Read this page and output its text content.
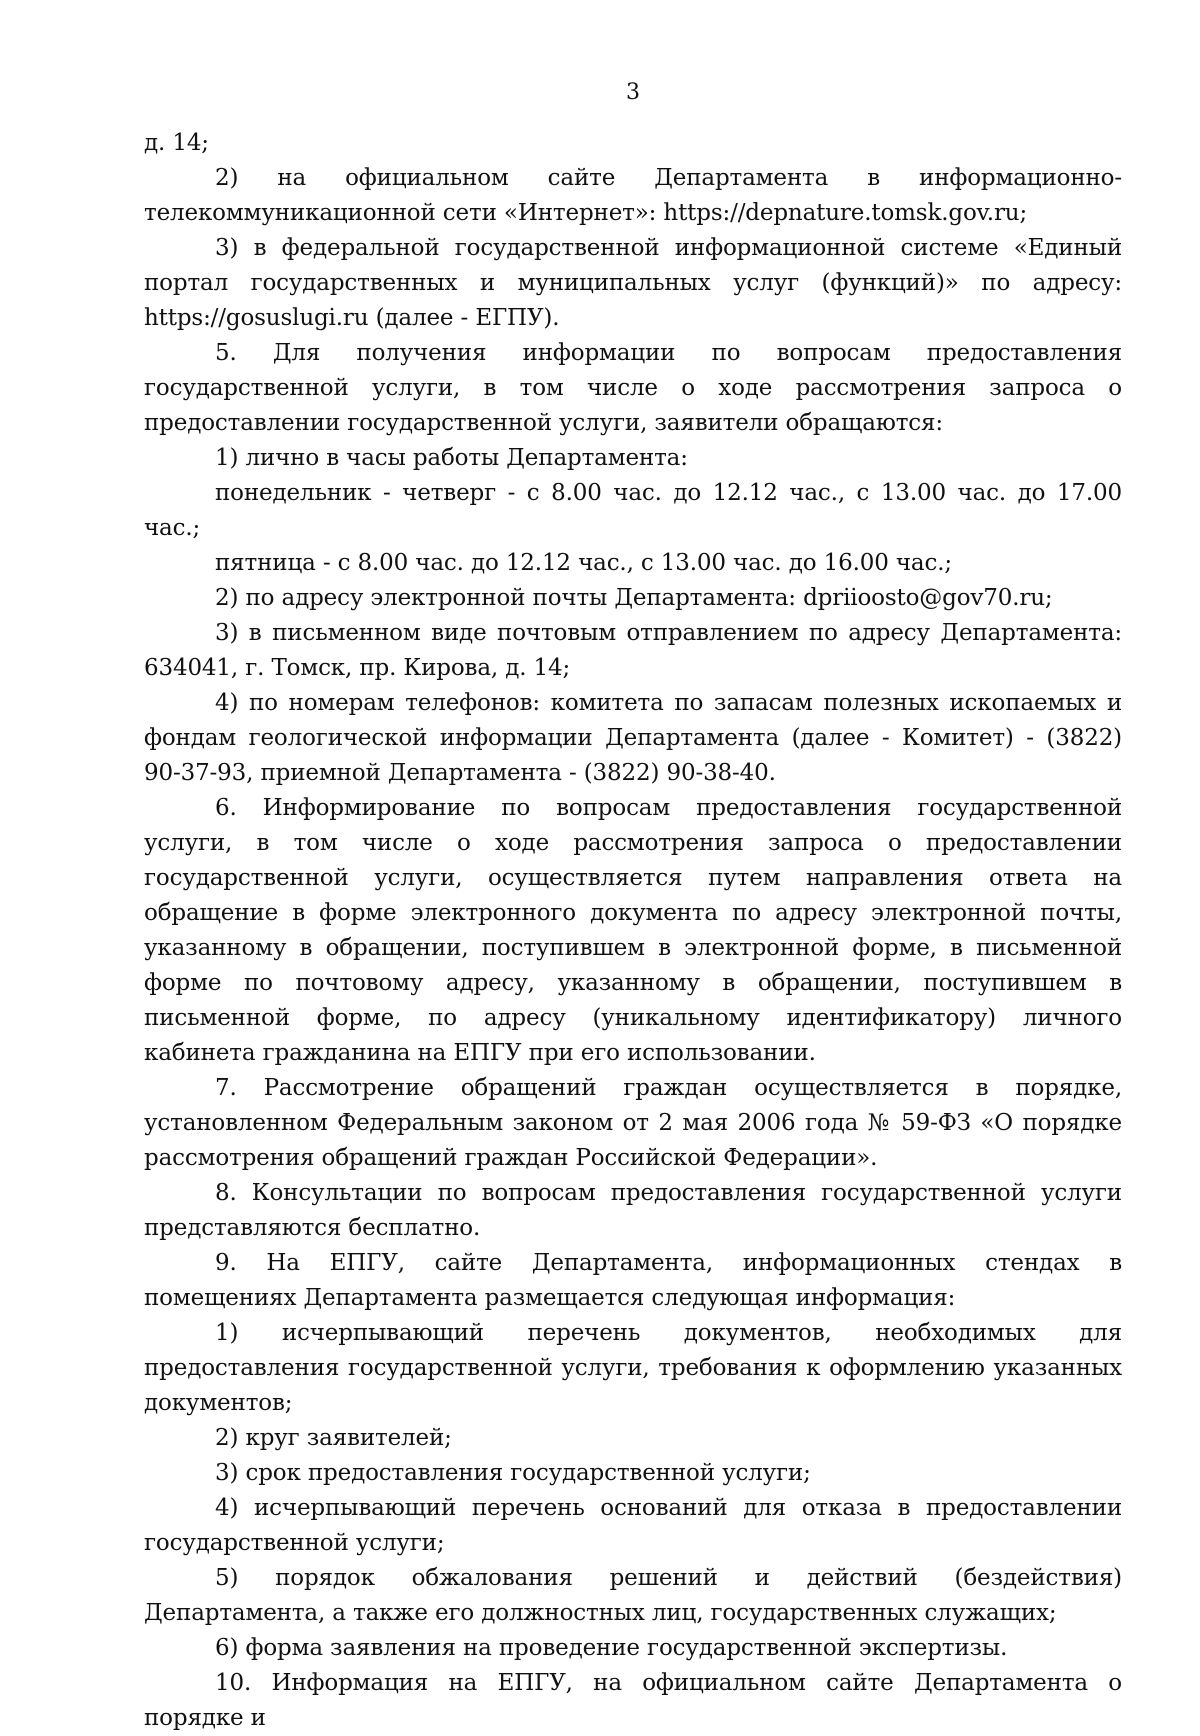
3

д. 14;

2) на официальном сайте Департамента в информационно-телекоммуникационной сети «Интернет»: https://depnature.tomsk.gov.ru;

3) в федеральной государственной информационной системе «Единый портал государственных и муниципальных услуг (функций)» по адресу: https://gosuslugi.ru (далее - ЕГПУ).

5. Для получения информации по вопросам предоставления государственной услуги, в том числе о ходе рассмотрения запроса о предоставлении государственной услуги, заявители обращаются:

1) лично в часы работы Департамента:

понедельник - четверг - с 8.00 час. до 12.12 час., с 13.00 час. до 17.00 час.;

пятница - с 8.00 час. до 12.12 час., с 13.00 час. до 16.00 час.;

2) по адресу электронной почты Департамента: dpriioosto@gov70.ru;

3) в письменном виде почтовым отправлением по адресу Департамента: 634041, г. Томск, пр. Кирова, д. 14;

4) по номерам телефонов: комитета по запасам полезных ископаемых и фондам геологической информации Департамента (далее - Комитет) - (3822) 90-37-93, приемной Департамента - (3822) 90-38-40.

6. Информирование по вопросам предоставления государственной услуги, в том числе о ходе рассмотрения запроса о предоставлении государственной услуги, осуществляется путем направления ответа на обращение в форме электронного документа по адресу электронной почты, указанному в обращении, поступившем в электронной форме, в письменной форме по почтовому адресу, указанному в обращении, поступившем в письменной форме, по адресу (уникальному идентификатору) личного кабинета гражданина на ЕПГУ при его использовании.

7. Рассмотрение обращений граждан осуществляется в порядке, установленном Федеральным законом от 2 мая 2006 года № 59-ФЗ «О порядке рассмотрения обращений граждан Российской Федерации».

8. Консультации по вопросам предоставления государственной услуги представляются бесплатно.

9. На ЕПГУ, сайте Департамента, информационных стендах в помещениях Департамента размещается следующая информация:

1) исчерпывающий перечень документов, необходимых для предоставления государственной услуги, требования к оформлению указанных документов;

2) круг заявителей;

3) срок предоставления государственной услуги;

4) исчерпывающий перечень оснований для отказа в предоставлении государственной услуги;

5) порядок обжалования решений и действий (бездействия) Департамента, а также его должностных лиц, государственных служащих;

6) форма заявления на проведение государственной экспертизы.

10. Информация на ЕПГУ, на официальном сайте Департамента о порядке и
